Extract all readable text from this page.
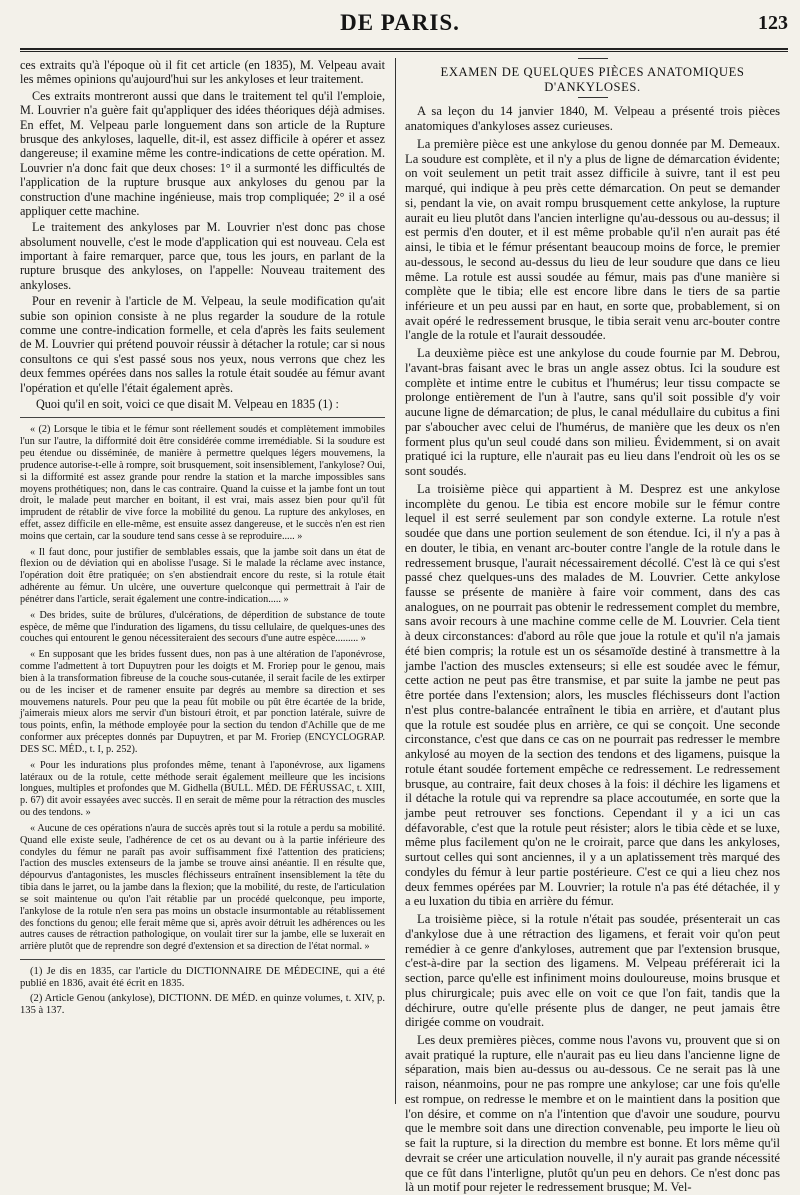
DE PARIS.	123

ces extraits qu'à l'époque où il fit cet article (en 1835), M. Velpeau avait les mêmes opinions qu'aujourd'hui sur les ankyloses et leur traitement.

Ces extraits montreront aussi que dans le traitement tel qu'il l'emploie, M. Louvrier n'a guère fait qu'appliquer des idées théoriques déjà admises. En effet, M. Velpeau parle longuement dans son article de la Rupture brusque des ankyloses, laquelle, dit-il, est assez difficile à opérer et assez dangereuse; il examine même les contre-indications de cette opération. M. Louvrier n'a donc fait que deux choses: 1° il a surmonté les difficultés de l'application de la rupture brusque aux ankyloses du genou par la construction d'une machine ingénieuse, mais trop compliquée; 2° il a osé appliquer cette machine.

Le traitement des ankyloses par M. Louvrier n'est donc pas chose absolument nouvelle, c'est le mode d'application qui est nouveau. Cela est important à faire remarquer, parce que, tous les jours, en parlant de la rupture brusque des ankyloses, on l'appelle: Nouveau traitement des ankyloses.

Pour en revenir à l'article de M. Velpeau, la seule modification qu'ait subie son opinion consiste à ne plus regarder la soudure de la rotule comme une contre-indication formelle, et cela d'après les faits seulement de M. Louvrier qui prétend pouvoir réussir à détacher la rotule; car si nous consultons ce qui s'est passé sous nos yeux, nous verrons que chez les deux femmes opérées dans nos salles la rotule était soudée au fémur avant l'opération et qu'elle l'était également après.

Quoi qu'il en soit, voici ce que disait M. Velpeau en 1835 (1) :

« (2) Lorsque le tibia et le fémur sont réellement soudés et complètement immobiles l'un sur l'autre, la difformité doit être considérée comme irremédiable. Si la soudure est peu étendue ou disséminée, de manière à permettre quelques légers mouvemens, la prudence autorise-t-elle à rompre, soit brusquement, soit insensiblement, l'ankylose? Oui, si la difformité est assez grande pour rendre la station et la marche impossibles sans moyens prothétiques; non, dans le cas contraire. Quand la cuisse et la jambe font un tout droit, le malade peut marcher en boitant, il est vrai, mais assez bien pour qu'il fût imprudent de rétablir de vive force la mobilité du genou. La rupture des ankyloses, en effet, assez difficile en elle-même, est ensuite assez dangereuse, et le succès n'en est rien moins que certain, car la soudure tend sans cesse à se reproduire..... »

« Il faut donc, pour justifier de semblables essais, que la jambe soit dans un état de flexion ou de déviation qui en abolisse l'usage. Si le malade la réclame avec instance, l'opération doit être pratiquée; on s'en abstiendrait encore du reste, si la rotule était adhérente au fémur. Un ulcère, une ouverture quelconque qui permettrait à l'air de pénétrer dans l'article, serait également une contre-indication..... »

« Des brides, suite de brûlures, d'ulcérations, de déperdition de substance de toute espèce, de même que l'induration des ligamens, du tissu cellulaire, de quelques-unes des couches qui entourent le genou nécessiteraient des secours d'une autre espèce......... »

« En supposant que les brides fussent dues, non pas à une altération de l'aponévrose, comme l'admettent à tort Dupuytren pour les doigts et M. Froriep pour le genou, mais bien à la transformation fibreuse de la couche sous-cutanée, il serait facile de les extirper ou de les inciser et de ramener ensuite par degrés au membre sa direction et ses mouvemens naturels. Pour peu que la peau fût mobile ou pût être écartée de la bride, j'aimerais mieux alors me servir d'un bistouri étroit, et par ponction latérale, suivre de tous points, enfin, la méthode employée pour la section du tendon d'Achille que de me conformer aux préceptes donnés par Dupuytren, et par M. Froriep (ENCYCLOGRAP. DES SC. MÉD., t. I, p. 252).

« Pour les indurations plus profondes même, tenant à l'aponévrose, aux ligamens latéraux ou de la rotule, cette méthode serait également meilleure que les incisions longues, multiples et profondes que M. Gidhella (BULL. MÉD. DE FÉRUSSAC, t. XIII, p. 67) dit avoir essayées avec succès. Il en serait de même pour la rétraction des muscles ou des tendons. »

« Aucune de ces opérations n'aura de succès après tout si la rotule a perdu sa mobilité. Quand elle existe seule, l'adhérence de cet os au devant ou à la partie inférieure des condyles du fémur ne paraît pas avoir suffisamment fixé l'attention des praticiens; l'action des muscles extenseurs de la jambe se trouve ainsi anéantie. Il en résulte que, dépourvus d'antagonistes, les muscles fléchisseurs entraînent insensiblement la tête du tibia dans le jarret, ou la jambe dans la flexion; que la mobilité, du reste, de l'articulation se soit maintenue ou qu'on l'ait rétablie par un procédé quelconque, peu importe, l'ankylose de la rotule n'en sera pas moins un obstacle insurmontable au rétablissement des fonctions du genou; elle ferait même que si, après avoir détruit les adhérences ou les autres causes de rétraction pathologique, on voulait tirer sur la jambe, elle se luxerait en arrière plutôt que de reprendre son degré d'extension et sa direction de l'état normal. »

(1) Je dis en 1835, car l'article du DICTIONNAIRE DE MÉDECINE, qui a été publié en 1836, avait été écrit en 1835.

(2) Article Genou (ankylose), DICTIONN. DE MÉD. en quinze volumes, t. XIV, p. 135 à 137.

EXAMEN DE QUELQUES PIÈCES ANATOMIQUES D'ANKYLOSES.

A sa leçon du 14 janvier 1840, M. Velpeau a présenté trois pièces anatomiques d'ankyloses assez curieuses.

La première pièce est une ankylose du genou donnée par M. Demeaux. La soudure est complète, et il n'y a plus de ligne de démarcation évidente; on voit seulement un petit trait assez difficile à suivre, tant il est peu marqué, qui indique à peu près cette démarcation. On peut se demander si, pendant la vie, on avait rompu brusquement cette ankylose, la rupture aurait eu lieu plutôt dans l'ancien interligne qu'au-dessous ou au-dessus; il est permis d'en douter, et il est même probable qu'il n'en aurait pas été ainsi, le tibia et le fémur présentant beaucoup moins de force, le premier au-dessous, le second au-dessus du lieu de leur soudure que dans ce lieu même. La rotule est aussi soudée au fémur, mais pas d'une manière si complète que le tibia; elle est encore libre dans le tiers de sa partie inférieure et un peu aussi par en haut, en sorte que, probablement, si on avait opéré le redressement brusque, le tibia serait venu arc-bouter contre l'angle de la rotule et l'aurait dessoudée.

La deuxième pièce est une ankylose du coude fournie par M. Debrou, l'avant-bras faisant avec le bras un angle assez obtus. Ici la soudure est complète et intime entre le cubitus et l'humérus; leur tissu compacte se prolonge entièrement de l'un à l'autre, sans qu'il soit possible d'y voir aucune ligne de démarcation; de plus, le canal médullaire du cubitus a fini par s'aboucher avec celui de l'humérus, de manière que les deux os n'en forment plus qu'un seul coudé dans son milieu. Évidemment, si on avait pratiqué ici la rupture, elle n'aurait pas eu lieu dans l'endroit où les os se sont soudés.

La troisième pièce qui appartient à M. Desprez est une ankylose incomplète du genou. Le tibia est encore mobile sur le fémur contre lequel il est serré seulement par son condyle externe. La rotule n'est soudée que dans une portion seulement de son étendue. Ici, il n'y a pas à en douter, le tibia, en venant arc-bouter contre l'angle de la rotule dans le redressement brusque, l'aurait nécessairement décollé. C'est là ce qui s'est passé chez quelques-uns des malades de M. Louvrier. Cette ankylose fausse se présente de manière à faire voir comment, dans des cas analogues, on ne pourrait pas obtenir le redressement complet du membre, sans avoir recours à une machine comme celle de M. Louvrier. Cela tient à deux circonstances: d'abord au rôle que joue la rotule et qu'il n'a jamais été bien compris; la rotule est un os sésamoïde destiné à transmettre à la jambe l'action des muscles extenseurs; si elle est soudée avec le fémur, cette action ne peut pas être transmise, et par suite la jambe ne peut pas être portée dans l'extension; alors, les muscles fléchisseurs dont l'action n'est plus contre-balancée entraînent le tibia en arrière, et d'autant plus que la rotule est soudée plus en arrière, ce qui se conçoit. Une seconde circonstance, c'est que dans ce cas on ne pourrait pas redresser le membre ankylosé au moyen de la section des tendons et des ligamens, puisque la rotule étant soudée fortement empêche ce redressement. Le redressement brusque, au contraire, fait deux choses à la fois: il déchire les ligamens et il détache la rotule qui va reprendre sa place accoutumée, en sorte que la jambe peut retrouver ses fonctions. Cependant il y a ici un cas défavorable, c'est que la rotule peut résister; alors le tibia cède et se luxe, même plus facilement qu'on ne le croirait, parce que dans les ankyloses, surtout celles qui sont anciennes, il y a un aplatissement très marqué des condyles du fémur à leur partie postérieure. C'est ce qui a lieu chez nos deux femmes opérées par M. Louvrier; la rotule n'a pas été détachée, il y a eu luxation du tibia en arrière du fémur.

La troisième pièce, si la rotule n'était pas soudée, présenterait un cas d'ankylose due à une rétraction des ligamens, et ferait voir qu'on peut remédier à ce genre d'ankyloses, autrement que par l'extension brusque, c'est-à-dire par la section des ligamens. M. Velpeau préférerait ici la section, parce qu'elle est infiniment moins douloureuse, moins brusque et plus chirurgicale; puis avec elle on voit ce que l'on fait, tandis que la déchirure, outre qu'elle présente plus de danger, ne peut jamais être dirigée comme on voudrait.

Les deux premières pièces, comme nous l'avons vu, prouvent que si on avait pratiqué la rupture, elle n'aurait pas eu lieu dans l'ancienne ligne de séparation, mais bien au-dessus ou au-dessous. Ce ne serait pas là une raison, néanmoins, pour ne pas rompre une ankylose; car une fois qu'elle est rompue, on redresse le membre et on le maintient dans la position que l'on désire, et comme on n'a l'intention que d'avoir une soudure, pourvu que le membre soit dans une direction convenable, peu importe le lieu où se fait la rupture, si la direction du membre est bonne. Et lors même qu'il devrait se créer une articulation nouvelle, il n'y aurait pas grande nécessité que ce fût dans l'interligne, plutôt qu'un peu en dehors. Ce n'est donc pas là un motif pour rejeter le redressement brusque; M. Vel-
